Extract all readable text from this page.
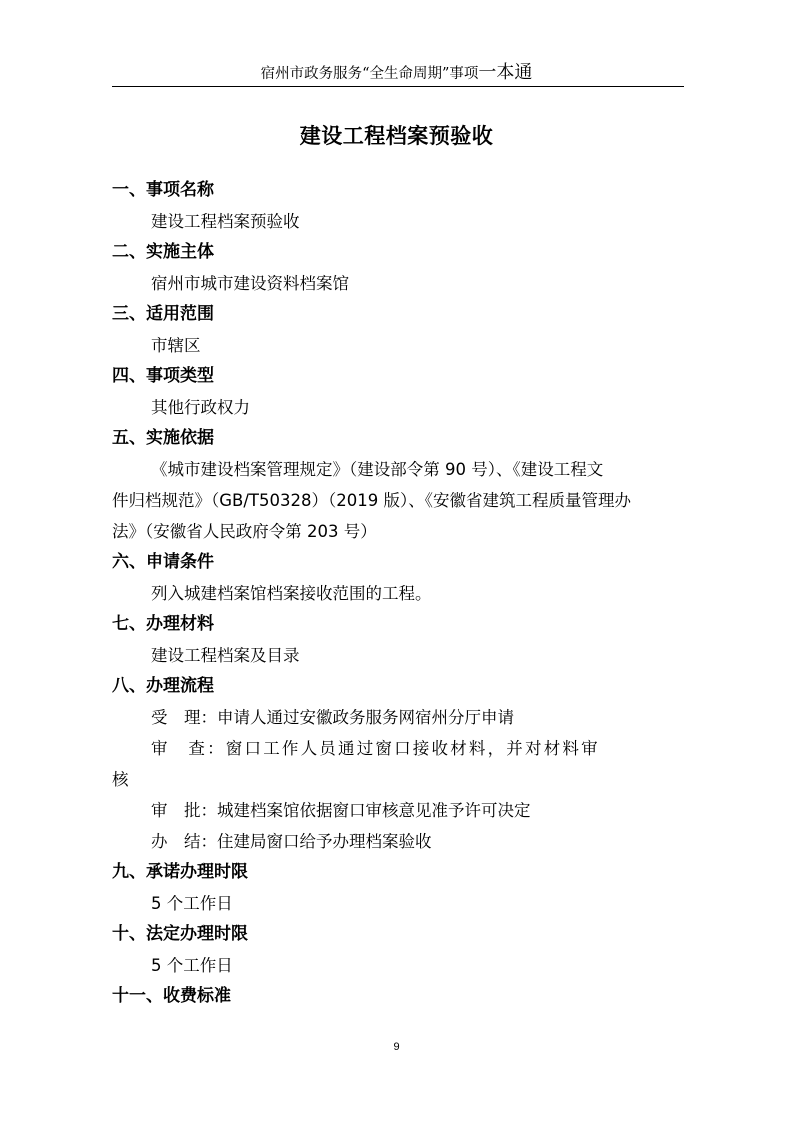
宿州市政务服务“全生命周期”事项一本通
建设工程档案预验收
一、事项名称
建设工程档案预验收
二、实施主体
宿州市城市建设资料档案馆
三、适用范围
市辖区
四、事项类型
其他行政权力
五、实施依据
《城市建设档案管理规定》（建设部令第 90 号）、《建设工程文
件归档规范》（GB/T50328）（2019 版）、《安徽省建筑工程质量管理办
法》（安徽省人民政府令第 203 号）
六、申请条件
列入城建档案馆档案接收范围的工程。
七、办理材料
建设工程档案及目录
八、办理流程
受　理：申请人通过安徽政务服务网宿州分厅申请
审　查：窗口工作人员通过窗口接收材料，并对材料审
核
审　批：城建档案馆依据窗口审核意见准予许可决定
办　结：住建局窗口给予办理档案验收
九、承诺办理时限
5 个工作日
十、法定办理时限
5 个工作日
十一、收费标准
9
